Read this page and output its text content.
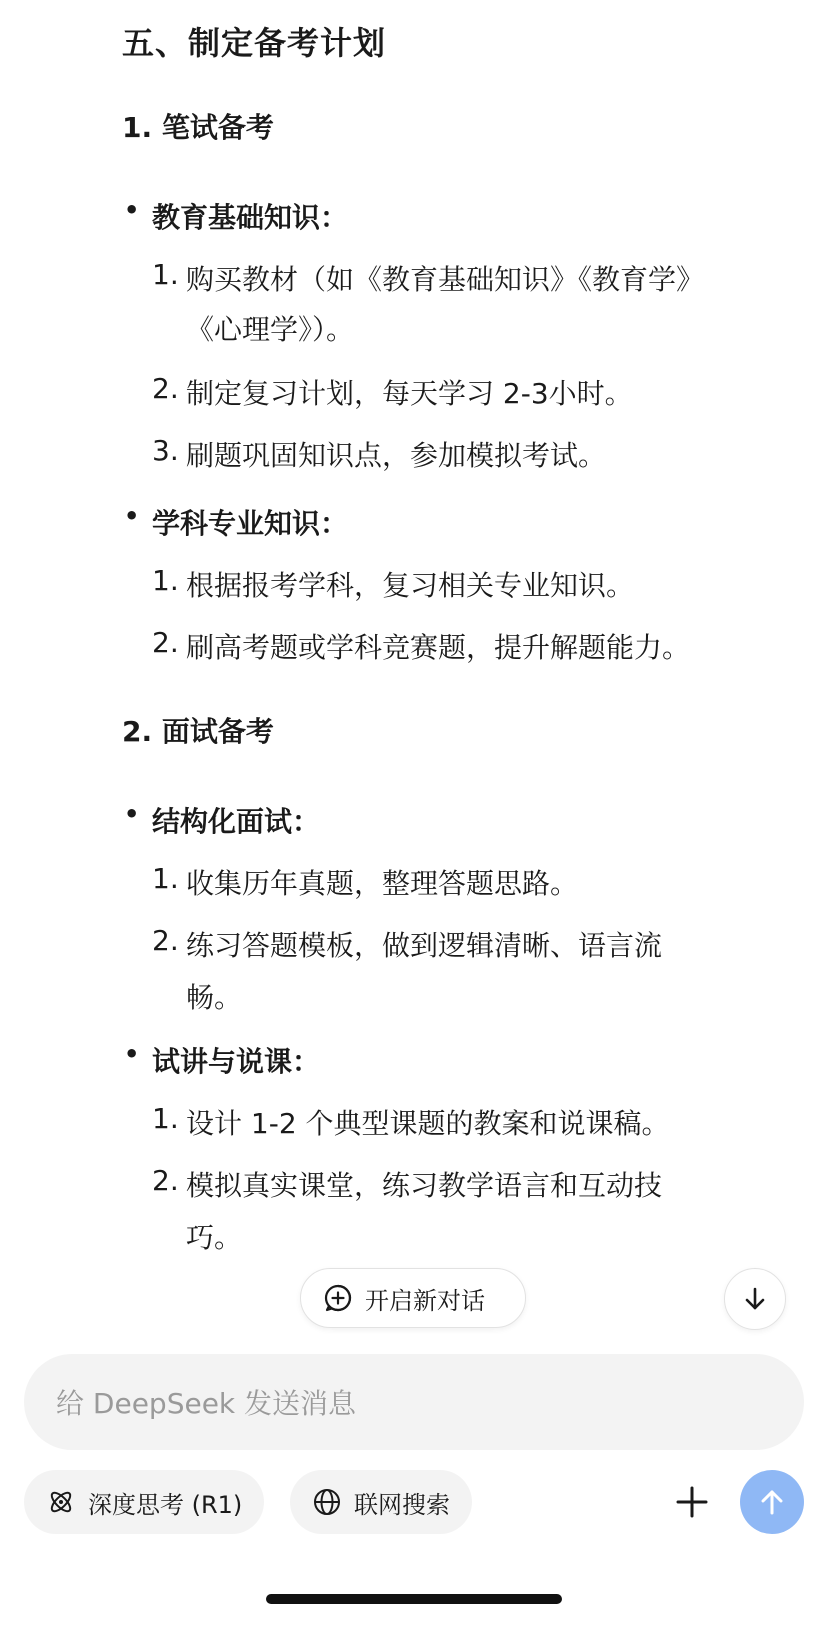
五、制定备考计划
1. 笔试备考
• 教育基础知识：
1. 购买教材（如《教育基础知识》《教育学》
《心理学》）。
2. 制定复习计划，每天学习 2-3小时。
3. 刷题巩固知识点，参加模拟考试。
• 学科专业知识：
1. 根据报考学科，复习相关专业知识。
2. 刷高考题或学科竞赛题，提升解题能力。
2. 面试备考
• 结构化面试：
1. 收集历年真题，整理答题思路。
2. 练习答题模板，做到逻辑清晰、语言流
畅。
• 试讲与说课：
1. 设计 1-2 个典型课题的教案和说课稿。
2. 模拟真实课堂，练习教学语言和互动技
巧。
开启新对话
给 DeepSeek 发送消息
深度思考 (R1)	联网搜索
